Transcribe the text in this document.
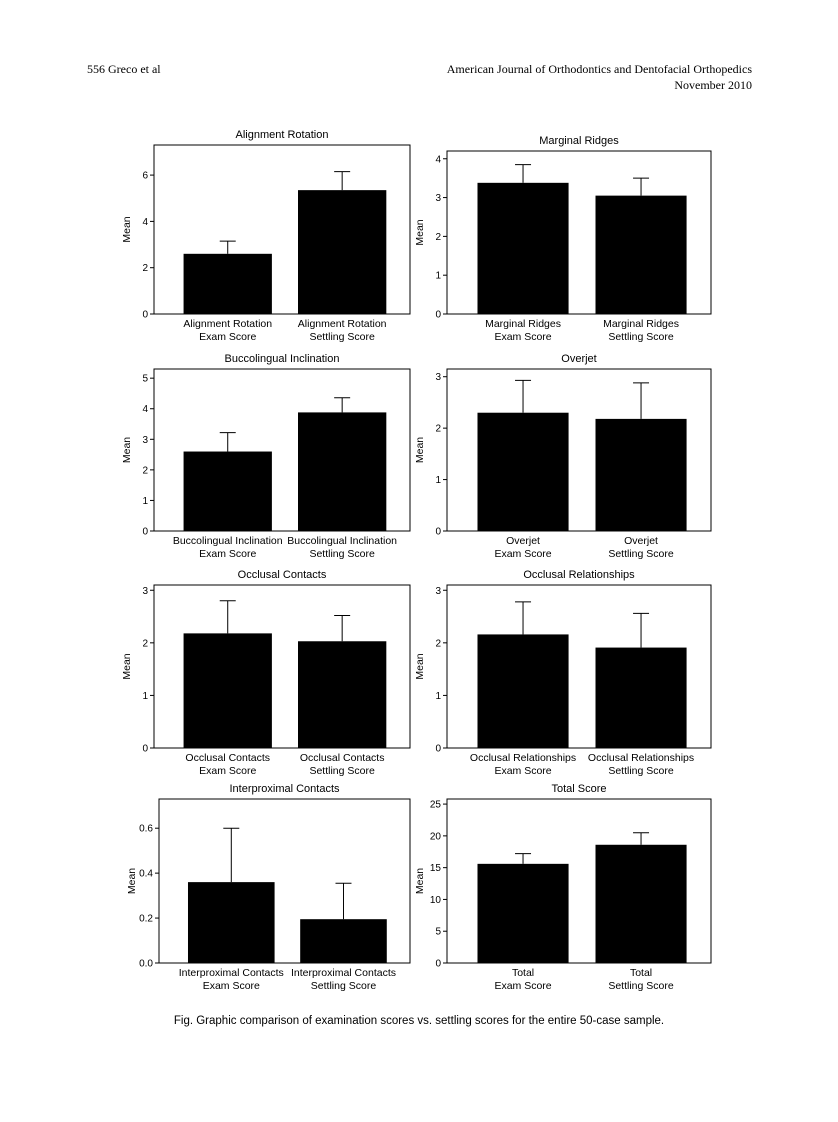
556 Greco et al	American Journal of Orthodontics and Dentofacial Orthopedics
November 2010
Alignment Rotation
0
2
4
6
Mean
Alignment Rotation
Exam Score
Alignment Rotation
Settling Score
Marginal Ridges
0
1
2
3
4
Mean
Marginal Ridges
Exam Score
Marginal Ridges
Settling Score
Buccolingual Inclination
0
1
2
3
4
5
Mean
Buccolingual Inclination
Exam Score
Buccolingual Inclination
Settling Score
Overjet
0
1
2
3
Mean
Overjet
Exam Score
Overjet
Settling Score
Occlusal Contacts
0
1
2
3
Mean
Occlusal Contacts
Exam Score
Occlusal Contacts
Settling Score
Occlusal Relationships
0
1
2
3
Mean
Occlusal Relationships
Exam Score
Occlusal Relationships
Settling Score
Interproximal Contacts
0.0
0.2
0.4
0.6
Mean
Interproximal Contacts
Exam Score
Interproximal Contacts
Settling Score
Total Score
0
5
10
15
20
25
Mean
Total
Exam Score
Total
Settling Score
Fig. Graphic comparison of examination scores vs. settling scores for the entire 50-case sample.
